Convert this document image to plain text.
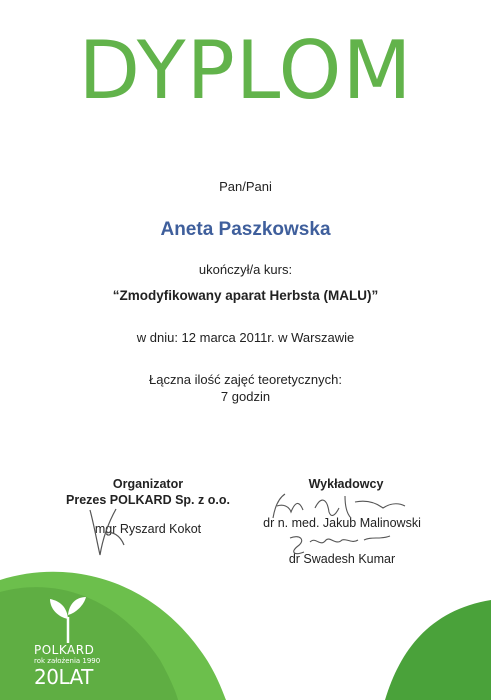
POLKARD
rok założenia 1990
20LAT
DYPLOM
Pan/Pani
Aneta Paszkowska
ukończył/a kurs:
“Zmodyfikowany aparat Herbsta (MALU)”
w dniu: 12 marca 2011r. w Warszawie
Łączna ilość zajęć teoretycznych:
7 godzin
Organizator
Prezes POLKARD Sp. z o.o.
mgr Ryszard Kokot
Wykładowcy
dr n. med. Jakub Malinowski
dr Swadesh Kumar
